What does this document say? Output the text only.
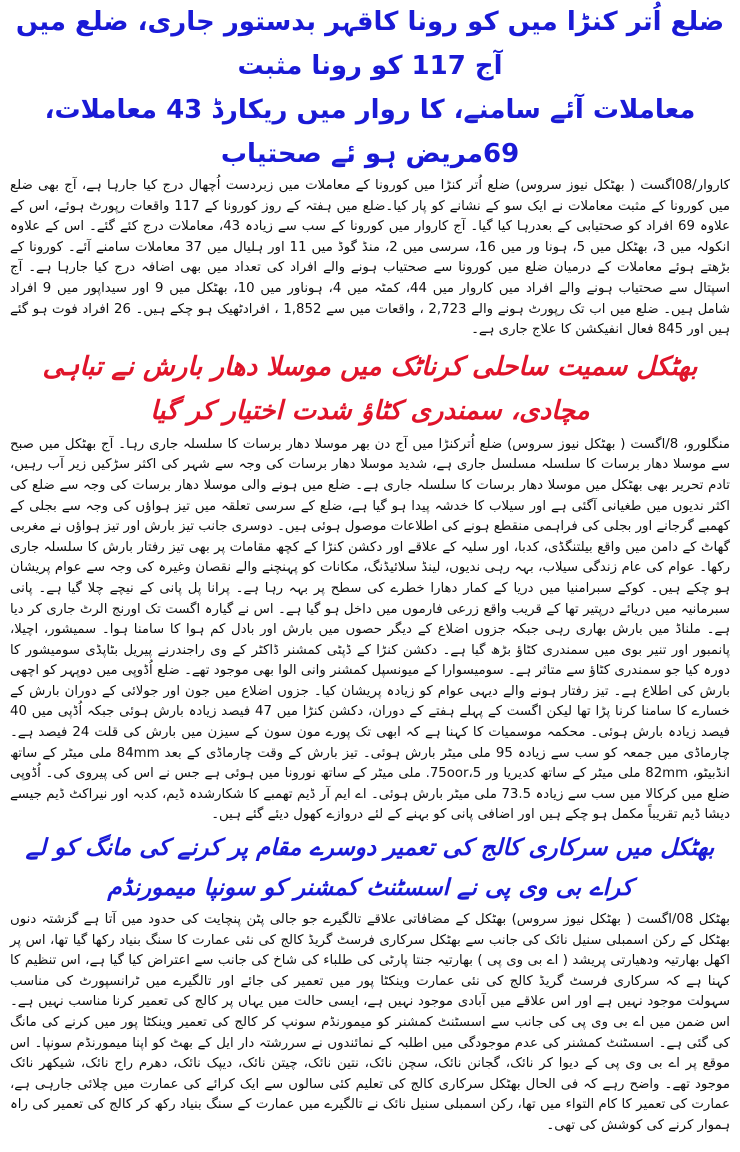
ضلع اُتر کنڑا میں کو رونا کاقہر بدستور جاری، ضلع میں آج 117 کو رونا مثبت
معاملات آئے سامنے، کا روار میں ریکارڈ 43 معاملات، 69مریض ہو ئے صحتیاب
کاروار/08اگست ( بھٹکل نیوز سروس) ضلع اُتر کنڑا میں کورونا کے معاملات میں زبردست اُچھال درج کیا جارہا ہے، آج بھی ضلع میں کورونا کے مثبت معاملات نے ایک سو کے نشانے کو پار کیا۔ضلع میں ہفتہ کے روز کورونا کے 117 واقعات رپورٹ ہوئے، اس کے علاوہ 69 افراد کو صحتیابی کے بعدرہا کیا گیا۔ آج کاروار میں کورونا کے سب سے زیادہ 43، معاملات درج کئے گئے۔ اس کے علاوہ انکولہ میں 3، بھٹکل میں 5، ہونا ور میں 16، سرسی میں 2، منڈ گوڈ میں 11 اور ہلیال میں 37 معاملات سامنے آئے۔ کورونا کے بڑھتے ہوئے معاملات کے درمیان ضلع میں کورونا سے صحتیاب ہونے والے افراد کی تعداد میں بھی اضافہ درج کیا جارہا ہے۔ آج اسپتال سے صحتیاب ہونے والے افراد میں کاروار میں 44، کمٹہ میں 4، ہوناور میں 10، بھٹکل میں 9 اور سیداپور میں 9 افراد شامل ہیں۔ ضلع میں اب تک رپورٹ ہونے والے 2,723 ، واقعات میں سے 1,852 ، افرادٹھیک ہو چکے ہیں۔ 26 افراد فوت ہو گئے ہیں اور 845 فعال انفیکشن کا علاج جاری ہے۔
بھٹکل سمیت ساحلی کرناٹک میں موسلا دھار بارش نے تباہی مچادی، سمندری کٹاؤ شدت اختیار کر گیا
منگلورو، 8/اگست ( بھٹکل نیوز سروس) ضلع اُترکنڑا میں آج دن بھر موسلا دھار برسات کا سلسلہ جاری رہا۔ آج بھٹکل میں صبح سے موسلا دھار برسات کا سلسلہ مسلسل جاری ہے، شدید موسلا دھار برسات کی وجہ سے شہر کی اکثر سڑکیں زیر آب رہیں، تادم تحریر بھی بھٹکل میں موسلا دھار برسات کا سلسلہ جاری ہے۔ ضلع میں ہونے والی موسلا دھار برسات کی وجہ سے ضلع کی اکثر ندیوں میں طغیانی آگئی ہے اور سیلاب کا خدشہ پیدا ہو گیا ہے، ضلع کے سرسی تعلقہ میں تیز ہواؤں کی وجہ سے بجلی کے کھمبے گرجانے اور بجلی کی فراہمی منقطع ہونے کی اطلاعات موصول ہوئی ہیں۔ دوسری جانب تیز بارش اور تیز ہواؤں نے مغربی گھاٹ کے دامن میں واقع بیلتنگڈی، کدبا، اور سلیہ کے علاقے اور دکشن کنڑا کے کچھ مقامات پر بھی تیز رفتار بارش کا سلسلہ جاری رکھا۔ عوام کی عام زندگی سیلاب، بہہ رہی ندیوں، لینڈ سلائیڈنگ، مکانات کو پہنچنے والے نقصان وغیرہ کی وجہ سے عوام پریشان ہو چکے ہیں۔ کوکے سبرامنیا میں دریا کے کمار دھارا خطرے کی سطح پر بہہ رہا ہے۔ پرانا پل پانی کے نیچے چلا گیا ہے۔ پانی سبرمانیہ میں دریائے درپتیر تھا کے قریب واقع زرعی فارموں میں داخل ہو گیا ہے۔ اس نے گیارہ اگست تک اورنج الرٹ جاری کر دیا ہے۔ ملناڈ میں بارش بھاری رہی جبکہ جزوں اضلاع کے دیگر حصوں میں بارش اور بادل کم ہوا کا سامنا ہوا۔ سمیشور، اچیلا، پانمبور اور تنیر بوی میں سمندری کٹاؤ بڑھ گیا ہے۔ دکشن کنڑا کے ڈپٹی کمشنر ڈاکٹر کے وی راجندرنے پیریل بٹاپڈی سومیشور کا دورہ کیا جو سمندری کٹاؤ سے متاثر ہے۔ سومیسوارا کے میونسپل کمشنر وانی الوا بھی موجود تھے۔ ضلع اُڈوپی میں دوپہر کو اچھی بارش کی اطلاع ہے۔ تیز رفتار ہونے والے دیہی عوام کو زیادہ پریشان کیا۔ جزوں اضلاع میں جون اور جولائی کے دوران بارش کے خسارے کا سامنا کرنا پڑا تھا لیکن اگست کے پہلے ہفتے کے دوران، دکشن کنڑا میں 47 فیصد زیادہ بارش ہوئی جبکہ اُڈپی میں 40 فیصد زیادہ بارش ہوئی۔ محکمہ موسمیات کا کہنا ہے کہ ابھی تک پورے مون سون کے سیزن میں بارش کی قلت 24 فیصد ہے۔ چارماڈی میں جمعہ کو سب سے زیادہ 95 ملی میٹر بارش ہوئی۔ تیز بارش کے وقت چارماڈی کے بعد 84mm ملی میٹر کے ساتھ انڈبیٹو، 82mm ملی میٹر کے ساتھ کدیریا ور 75oor،5. ملی میٹر کے ساتھ نورونا میں ہوئی ہے جس نے اس کی پیروی کی۔ اُڈوپی ضلع میں کرکالا میں سب سے زیادہ 73.5 ملی میٹر بارش ہوئی۔ اے ایم آر ڈیم تھمبے کا شکارشدہ ڈیم، کدبہ اور نیراکٹ ڈیم جیسے دیشا ڈیم تقریباً مکمل ہو چکے ہیں اور اضافی پانی کو بہنے کے لئے دروازے کھول دیئے گئے ہیں۔
بھٹکل میں سرکاری کالج کی تعمیر دوسرے مقام پر کرنے کی مانگ کو لے کراے بی وی پی نے اسسٹنٹ کمشنر کو سونپا میمورنڈم
بھٹکل 08/اگست ( بھٹکل نیوز سروس) بھٹکل کے مضافاتی علاقے تالگیرے جو جالی پٹن پنچایت کی حدود میں آتا ہے گزشتہ دنوں بھٹکل کے رکن اسمبلی سنیل نائک کی جانب سے بھٹکل سرکاری فرسٹ گریڈ کالج کی نئی عمارت کا سنگ بنیاد رکھا گیا تھا، اس پر اکھل بھارتیہ ودھیارتی پریشد ( اے بی وی پی ) بھارتیہ جنتا پارٹی کی طلباء کی شاخ کی جانب سے اعتراض کیا گیا ہے، اس تنظیم کا کہنا ہے کہ سرکاری فرسٹ گریڈ کالج کی نئی عمارت وینکٹا پور میں تعمیر کی جائے اور تالگیرے میں ٹرانسپورٹ کی مناسب سہولت موجود نہیں ہے اور اس علاقے میں آبادی موجود نہیں ہے، ایسی حالت میں یہاں پر کالج کی تعمیر کرنا مناسب نہیں ہے۔ اس ضمن میں اے بی وی پی کی جانب سے اسسٹنٹ کمشنر کو میمورنڈم سونپ کر کالج کی تعمیر وینکٹا پور میں کرنے کی مانگ کی گئی ہے۔ اسسٹنٹ کمشنر کی عدم موجودگی میں اطلبہ کے نمائندوں نے سررشتہ دار ایل کے بھٹ کو اپنا میمورنڈم سونپا۔ اس موقع پر اے بی وی پی کے دیوا کر نائک، گجانن نائک، سچن نائک، نتین نائک، چیتن نائک، دیپک نائک، دھرم راج نائک، شیکھر نائک موجود تھے۔ واضح رہے کہ فی الحال بھٹکل سرکاری کالج کی تعلیم کئی سالوں سے ایک کرائے کی عمارت میں چلائی جارہی ہے، عمارت کی تعمیر کا کام التواء میں تھا، رکن اسمبلی سنیل نائک نے تالگیرے میں عمارت کے سنگ بنیاد رکھ کر کالج کی تعمیر کی راہ ہموار کرنے کی کوشش کی تھی۔
